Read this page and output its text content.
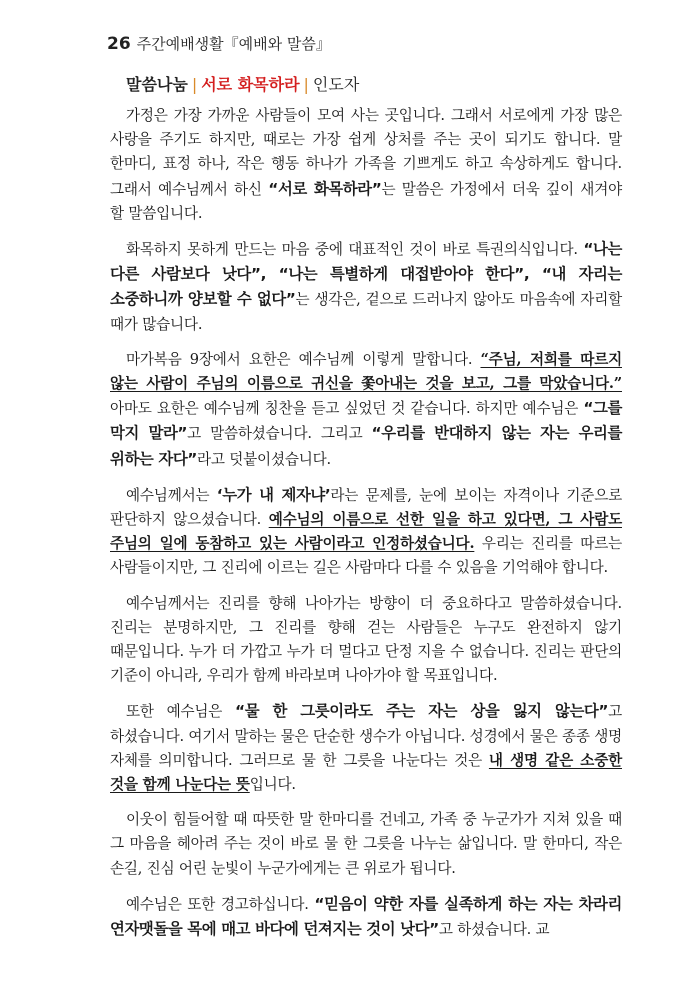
26 주간예배생활『예배와 말씀』
말씀나눔 | 서로 화목하라 | 인도자

가정은 가장 가까운 사람들이 모여 사는 곳입니다. 그래서 서로에게 가장 많은 사랑을 주기도 하지만, 때로는 가장 쉽게 상처를 주는 곳이 되기도 합니다. 말 한마디, 표정 하나, 작은 행동 하나가 가족을 기쁘게도 하고 속상하게도 합니다. 그래서 예수님께서 하신 “서로 화목하라”는 말씀은 가정에서 더욱 깊이 새겨야 할 말씀입니다.

화목하지 못하게 만드는 마음 중에 대표적인 것이 바로 특권의식입니다. “나는 다른 사람보다 낫다”, “나는 특별하게 대접받아야 한다”, “내 자리는 소중하니까 양보할 수 없다”는 생각은, 겉으로 드러나지 않아도 마음속에 자리할 때가 많습니다.

마가복음 9장에서 요한은 예수님께 이렇게 말합니다. “주님, 저희를 따르지 않는 사람이 주님의 이름으로 귀신을 쫓아내는 것을 보고, 그를 막았습니다.” 아마도 요한은 예수님께 칭찬을 듣고 싶었던 것 같습니다. 하지만 예수님은 “그를 막지 말라”고 말씀하셨습니다. 그리고 “우리를 반대하지 않는 자는 우리를 위하는 자다”라고 덧붙이셨습니다.

예수님께서는 ‘누가 내 제자냐’라는 문제를, 눈에 보이는 자격이나 기준으로 판단하지 않으셨습니다. 예수님의 이름으로 선한 일을 하고 있다면, 그 사람도 주님의 일에 동참하고 있는 사람이라고 인정하셨습니다. 우리는 진리를 따르는 사람들이지만, 그 진리에 이르는 길은 사람마다 다를 수 있음을 기억해야 합니다.

예수님께서는 진리를 향해 나아가는 방향이 더 중요하다고 말씀하셨습니다. 진리는 분명하지만, 그 진리를 향해 걷는 사람들은 누구도 완전하지 않기 때문입니다. 누가 더 가깝고 누가 더 멀다고 단정 지을 수 없습니다. 진리는 판단의 기준이 아니라, 우리가 함께 바라보며 나아가야 할 목표입니다.

또한 예수님은 “물 한 그릇이라도 주는 자는 상을 잃지 않는다”고 하셨습니다. 여기서 말하는 물은 단순한 생수가 아닙니다. 성경에서 물은 종종 생명 자체를 의미합니다. 그러므로 물 한 그릇을 나눈다는 것은 내 생명 같은 소중한 것을 함께 나눈다는 뜻입니다.

이웃이 힘들어할 때 따뜻한 말 한마디를 건네고, 가족 중 누군가가 지쳐 있을 때 그 마음을 헤아려 주는 것이 바로 물 한 그릇을 나누는 삶입니다. 말 한마디, 작은 손길, 진심 어린 눈빛이 누군가에게는 큰 위로가 됩니다.

예수님은 또한 경고하십니다. “믿음이 약한 자를 실족하게 하는 자는 차라리 연자맷돌을 목에 매고 바다에 던져지는 것이 낫다”고 하셨습니다. 교
